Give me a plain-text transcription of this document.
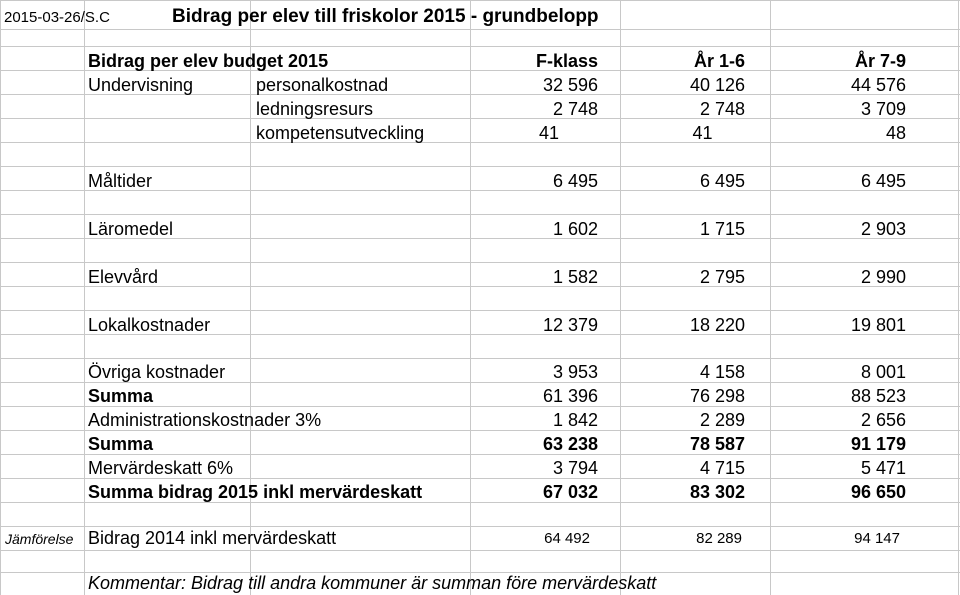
2015-03-26/S.C	Bidrag per elev till friskolor 2015 - grundbelopp
Bidrag per elev budget 2015	F-klass	År 1-6	År 7-9
Undervisning	personalkostnad	32 596	40 126	44 576
ledningsresurs	2 748	2 748	3 709
kompetensutveckling	41	41	48
Måltider	6 495	6 495	6 495
Läromedel	1 602	1 715	2 903
Elevvård	1 582	2 795	2 990
Lokalkostnader	12 379	18 220	19 801
Övriga kostnader	3 953	4 158	8 001
Summa	61 396	76 298	88 523
Administrationskostnader 3%	1 842	2 289	2 656
Summa	63 238	78 587	91 179
Mervärdeskatt 6%	3 794	4 715	5 471
Summa bidrag 2015 inkl mervärdeskatt	67 032	83 302	96 650
Jämförelse Bidrag 2014 inkl mervärdeskatt	64 492	82 289	94 147
Kommentar: Bidrag till andra kommuner är summan före mervärdeskatt
